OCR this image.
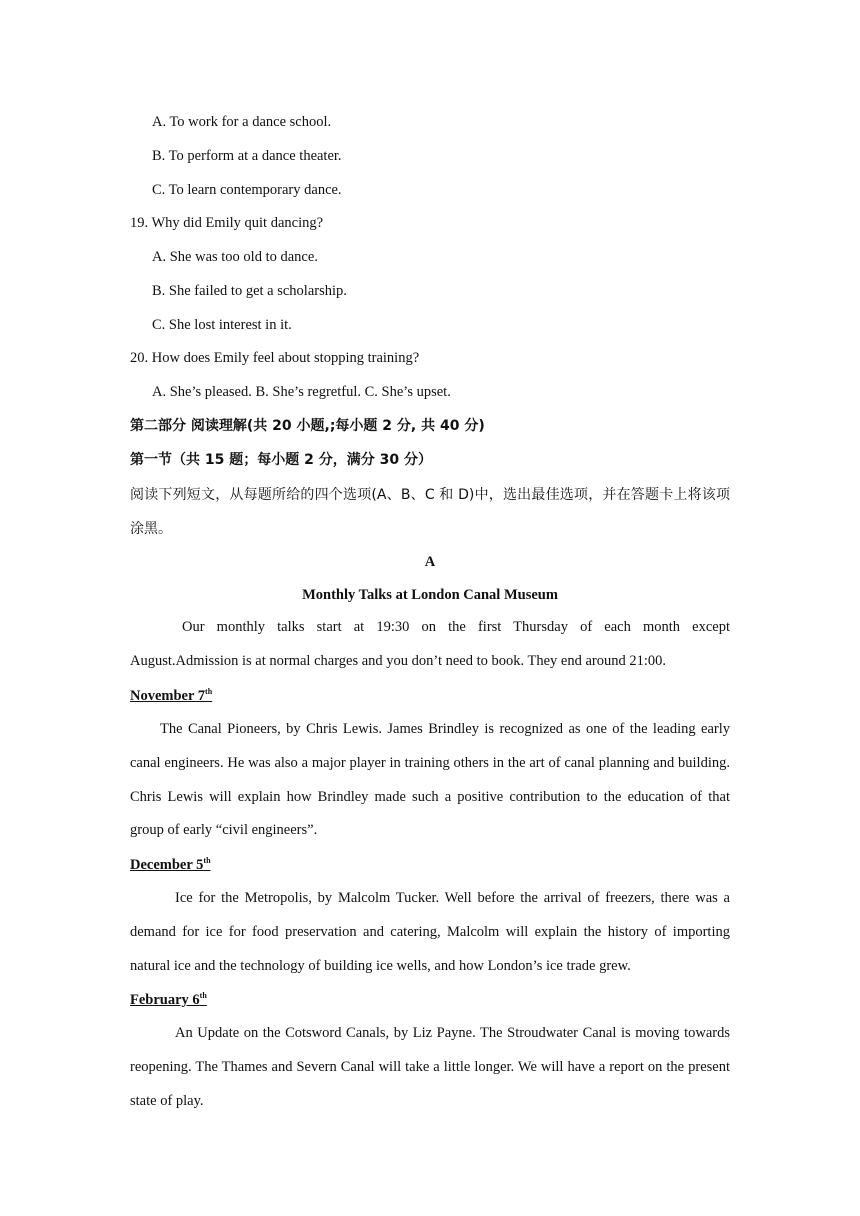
A. To work for a dance school.
B. To perform at a dance theater.
C. To learn contemporary dance.
19. Why did Emily quit dancing?
A. She was too old to dance.
B. She failed to get a scholarship.
C. She lost interest in it.
20. How does Emily feel about stopping training?
A. She’s pleased. B. She’s regretful. C. She’s upset.
第二部分 阅读理解(共 20 小题,;每小题 2 分, 共 40 分)
第一节（共 15 题；每小题 2 分，满分 30 分）
阅读下列短文，从每题所给的四个选项(A、B、C 和 D)中，选出最佳选项，并在答题卡上将该项涂黑。
A
Monthly Talks at London Canal Museum
Our monthly talks start at 19:30 on the first Thursday of each month except August.Admission is at normal charges and you don’t need to book. They end around 21:00.
November 7th
The Canal Pioneers, by Chris Lewis. James Brindley is recognized as one of the leading early canal engineers. He was also a major player in training others in the art of canal planning and building. Chris Lewis will explain how Brindley made such a positive contribution to the education of that group of early “civil engineers”.
December 5th
Ice for the Metropolis, by Malcolm Tucker. Well before the arrival of freezers, there was a demand for ice for food preservation and catering, Malcolm will explain the history of importing natural ice and the technology of building ice wells, and how London’s ice trade grew.
February 6th
An Update on the Cotsword Canals, by Liz Payne. The Stroudwater Canal is moving towards reopening. The Thames and Severn Canal will take a little longer. We will have a report on the present state of play.
